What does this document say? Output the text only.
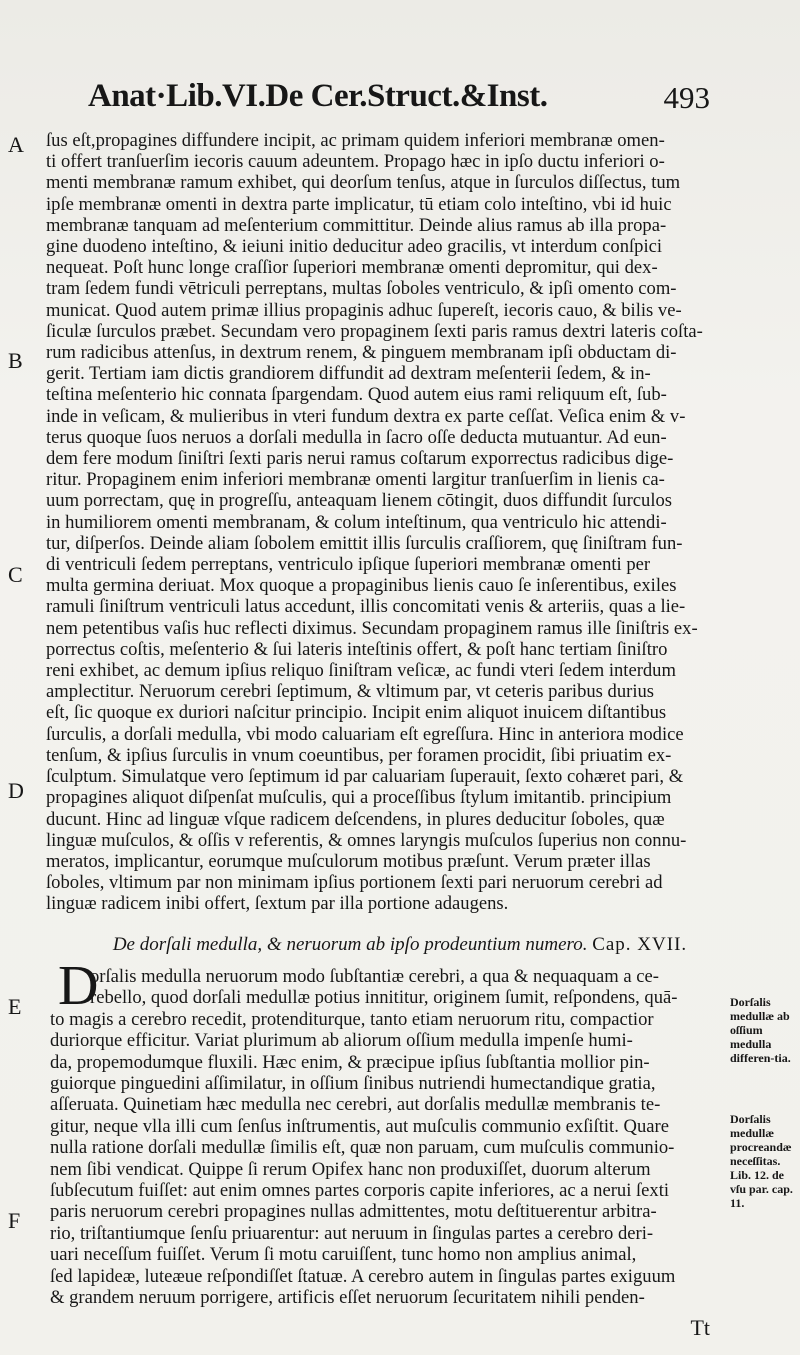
Anat·Lib.VI.De Cer.Struct.&Inst.	493
A
B
C
D
E
F
ſus eſt,propagines diffundere incipit, ac primam quidem inferiori membranæ omen-
ti offert tranſuerſim iecoris cauum adeuntem. Propago hæc in ipſo ductu inferiori o-
menti membranæ ramum exhibet, qui deorſum tenſus, atque in ſurculos diſſectus, tum
ipſe membranæ omenti in dextra parte implicatur, tū etiam colo inteſtino, vbi id huic
membranæ tanquam ad meſenterium committitur. Deinde alius ramus ab illa propa-
gine duodeno inteſtino, & ieiuni initio deducitur adeo gracilis, vt interdum conſpici
nequeat. Poſt hunc longe craſſior ſuperiori membranæ omenti depromitur, qui dex-
tram ſedem fundi vētriculi perreptans, multas ſoboles ventriculo, & ipſi omento com-
municat. Quod autem primæ illius propaginis adhuc ſupereſt, iecoris cauo, & bilis ve-
ſiculæ ſurculos præbet. Secundam vero propaginem ſexti paris ramus dextri lateris coſta-
rum radicibus attenſus, in dextrum renem, & pinguem membranam ipſi obductam di-
gerit. Tertiam iam dictis grandiorem diffundit ad dextram meſenterii ſedem, & in-
teſtina meſenterio hic connata ſpargendam. Quod autem eius rami reliquum eſt, ſub-
inde in veſicam, & mulieribus in vteri fundum dextra ex parte ceſſat. Veſica enim & v-
terus quoque ſuos neruos a dorſali medulla in ſacro oſſe deducta mutuantur. Ad eun-
dem fere modum ſiniſtri ſexti paris nerui ramus coſtarum exporrectus radicibus dige-
ritur. Propaginem enim inferiori membranæ omenti largitur tranſuerſim in lienis ca-
uum porrectam, quę in progreſſu, anteaquam lienem cōtingit, duos diffundit ſurculos
in humiliorem omenti membranam, & colum inteſtinum, qua ventriculo hic attendi-
tur, diſperſos. Deinde aliam ſobolem emittit illis ſurculis craſſiorem, quę ſiniſtram fun-
di ventriculi ſedem perreptans, ventriculo ipſique ſuperiori membranæ omenti per
multa germina deriuat. Mox quoque a propaginibus lienis cauo ſe inſerentibus, exiles
ramuli ſiniſtrum ventriculi latus accedunt, illis concomitati venis & arteriis, quas a lie-
nem petentibus vaſis huc reflecti diximus. Secundam propaginem ramus ille ſiniſtris ex-
porrectus coſtis, meſenterio & ſui lateris inteſtinis offert, & poſt hanc tertiam ſiniſtro
reni exhibet, ac demum ipſius reliquo ſiniſtram veſicæ, ac fundi vteri ſedem interdum
amplectitur. Neruorum cerebri ſeptimum, & vltimum par, vt ceteris paribus durius
eſt, ſic quoque ex duriori naſcitur principio. Incipit enim aliquot inuicem diſtantibus
ſurculis, a dorſali medulla, vbi modo caluariam eſt egreſſura. Hinc in anteriora modice
tenſum, & ipſius ſurculis in vnum coeuntibus, per foramen procidit, ſibi priuatim ex-
ſculptum. Simulatque vero ſeptimum id par caluariam ſuperauit, ſexto cohæret pari, &
propagines aliquot diſpenſat muſculis, qui a proceſſibus ſtylum imitantib. principium
ducunt. Hinc ad linguæ vſque radicem deſcendens, in plures deducitur ſoboles, quæ
linguæ muſculos, & oſſis v referentis, & omnes laryngis muſculos ſuperius non connu-
meratos, implicantur, eorumque muſculorum motibus præſunt. Verum præter illas
ſoboles, vltimum par non minimam ipſius portionem ſexti pari neruorum cerebri ad
linguæ radicem inibi offert, ſextum par illa portione adaugens.
De dorſali medulla, & neruorum ab ipſo prodeuntium numero. Cap. XVII.
D
orſalis medulla neruorum modo ſubſtantiæ cerebri, a qua & nequaquam a ce-
rebello, quod dorſali medullæ potius innititur, originem ſumit, reſpondens, quā-
to magis a cerebro recedit, protenditurque, tanto etiam neruorum ritu, compactior
duriorque efficitur. Variat plurimum ab aliorum oſſium medulla impenſe humi-
da, propemodumque fluxili. Hæc enim, & præcipue ipſius ſubſtantia mollior pin-
guiorque pinguedini aſſimilatur, in oſſium ſinibus nutriendi humectandique gratia,
aſſeruata. Quinetiam hæc medulla nec cerebri, aut dorſalis medullæ membranis te-
gitur, neque vlla illi cum ſenſus inſtrumentis, aut muſculis communio exſiſtit. Quare
nulla ratione dorſali medullæ ſimilis eſt, quæ non paruam, cum muſculis communio-
nem ſibi vendicat. Quippe ſi rerum Opifex hanc non produxiſſet, duorum alterum
ſubſecutum fuiſſet: aut enim omnes partes corporis capite inferiores, ac a nerui ſexti
paris neruorum cerebri propagines nullas admittentes, motu deſtituerentur arbitra-
rio, triſtantiumque ſenſu priuarentur: aut neruum in ſingulas partes a cerebro deri-
uari neceſſum fuiſſet. Verum ſi motu caruiſſent, tunc homo non amplius animal,
ſed lapideæ, luteæue reſpondiſſet ſtatuæ. A cerebro autem in ſingulas partes exiguum
& grandem neruum porrigere, artificis eſſet neruorum ſecuritatem nihili penden-
Dorſalis medullæ ab oſſium medulla differen-tia.
Dorſalis medullæ procreandæ neceſſitas. Lib. 12. de vſu par. cap. 11.
Tt
